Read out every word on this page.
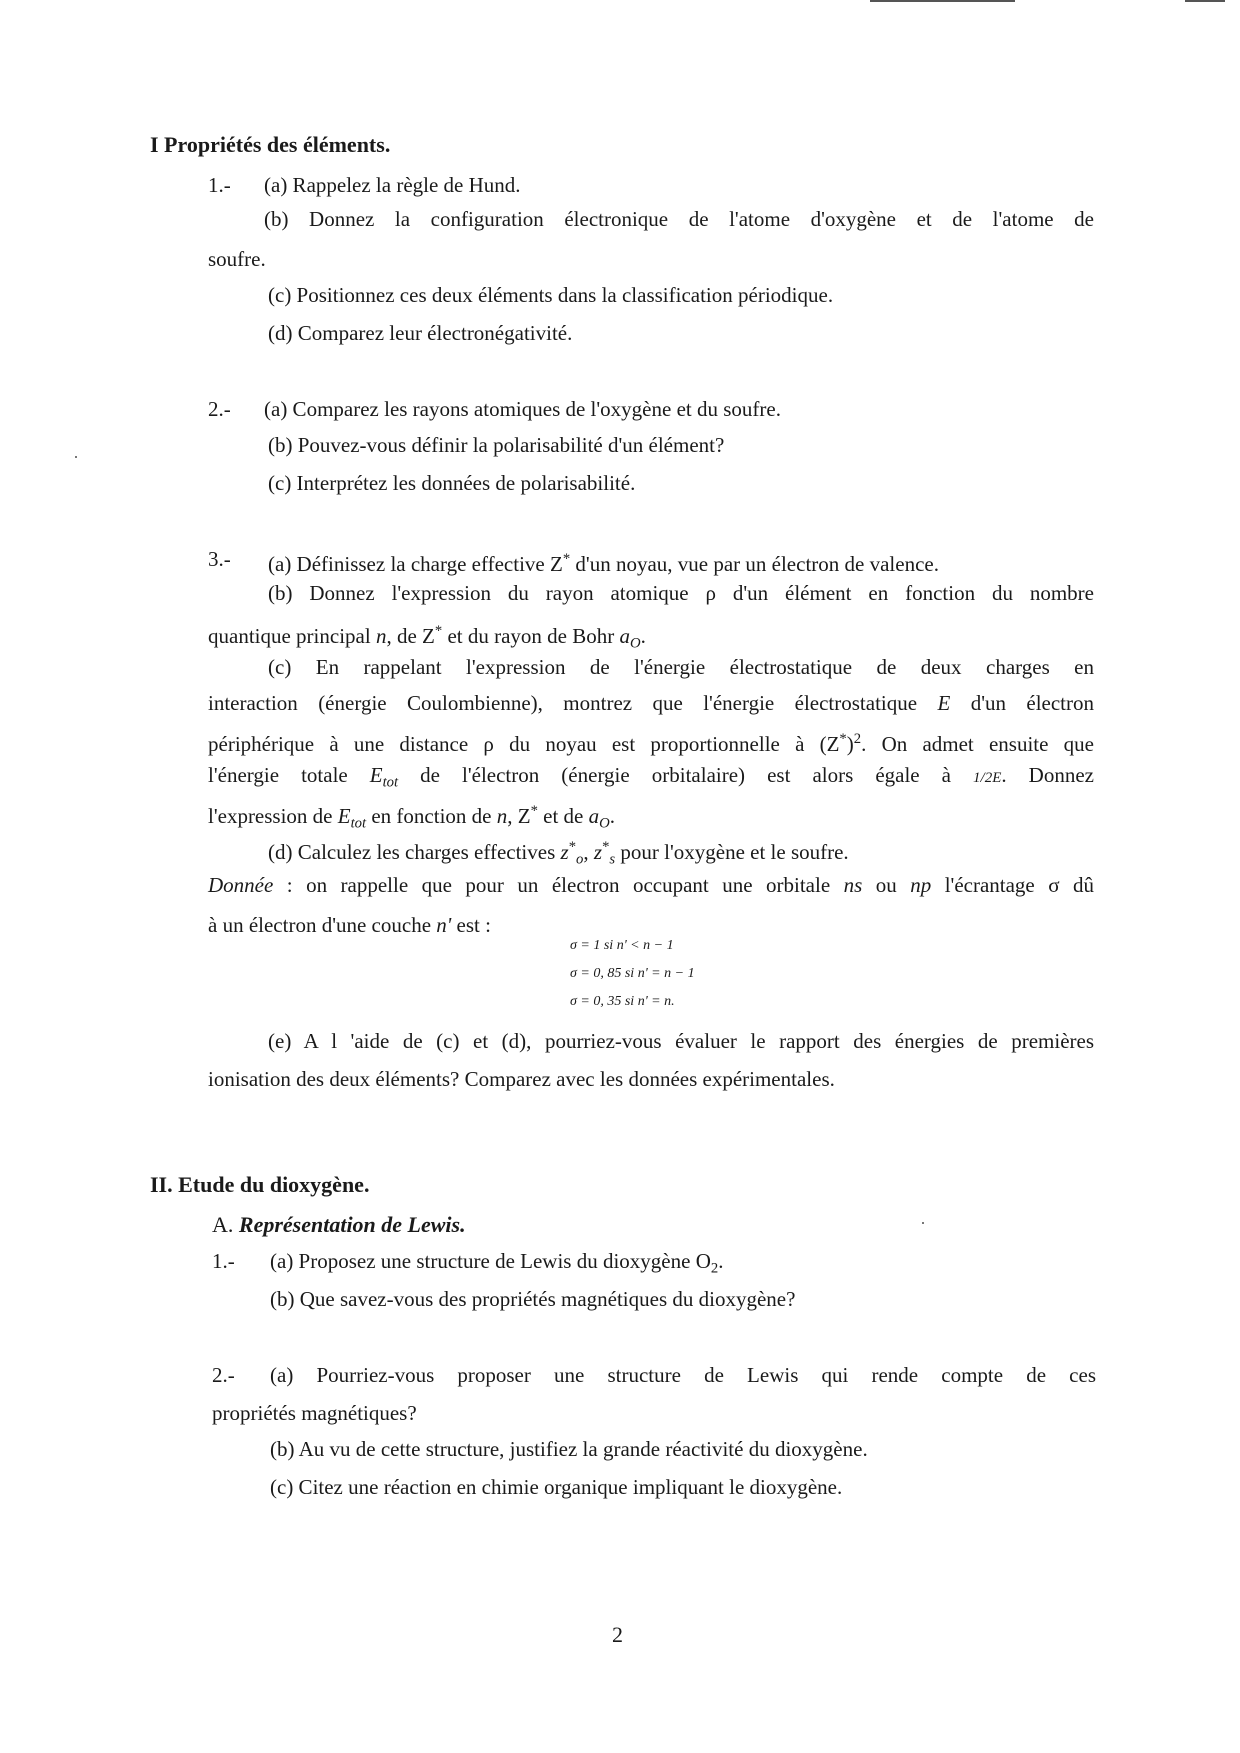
I Propriétés des éléments.
1.- (a) Rappelez la règle de Hund.
(b) Donnez la configuration électronique de l'atome d'oxygène et de l'atome de
soufre.
(c) Positionnez ces deux éléments dans la classification périodique.
(d) Comparez leur électronégativité.
2.- (a) Comparez les rayons atomiques de l'oxygène et du soufre.
(b) Pouvez-vous définir la polarisabilité d'un élément?
(c) Interprétez les données de polarisabilité.
3.- (a) Définissez la charge effective Z* d'un noyau, vue par un électron de valence.
(b) Donnez l'expression du rayon atomique ρ d'un élément en fonction du nombre
quantique principal n, de Z* et du rayon de Bohr $a_O$.
(c) En rappelant l'expression de l'énergie électrostatique de deux charges en
interaction (énergie Coulombienne), montrez que l'énergie électrostatique E d'un électron
périphérique à une distance ρ du noyau est proportionnelle à $(Z^*)^2$. On admet ensuite que
l'énergie totale $E_{tot}$ de l'électron (énergie orbitalaire) est alors égale à 1/2E. Donnez
l'expression de $E_{tot}$ en fonction de n, Z* et de $a_O$.
(d) Calculez les charges effectives $z^*_o$, $z^*_s$ pour l'oxygène et le soufre.
Donnée : on rappelle que pour un électron occupant une orbitale ns ou np l'écrantage σ dû
à un électron d'une couche n' est :
σ = 1 si n' < n − 1
σ = 0, 85 si n' = n − 1
σ = 0, 35 si n' = n.
(e) A l 'aide de (c) et (d), pourriez-vous évaluer le rapport des énergies de premières
ionisation des deux éléments? Comparez avec les données expérimentales.
II. Etude du dioxygène.
A. Représentation de Lewis.
1.- (a) Proposez une structure de Lewis du dioxygène $O_2$.
(b) Que savez-vous des propriétés magnétiques du dioxygène?
2.- (a) Pourriez-vous proposer une structure de Lewis qui rende compte de ces
propriétés magnétiques?
(b) Au vu de cette structure, justifiez la grande réactivité du dioxygène.
(c) Citez une réaction en chimie organique impliquant le dioxygène.
2
